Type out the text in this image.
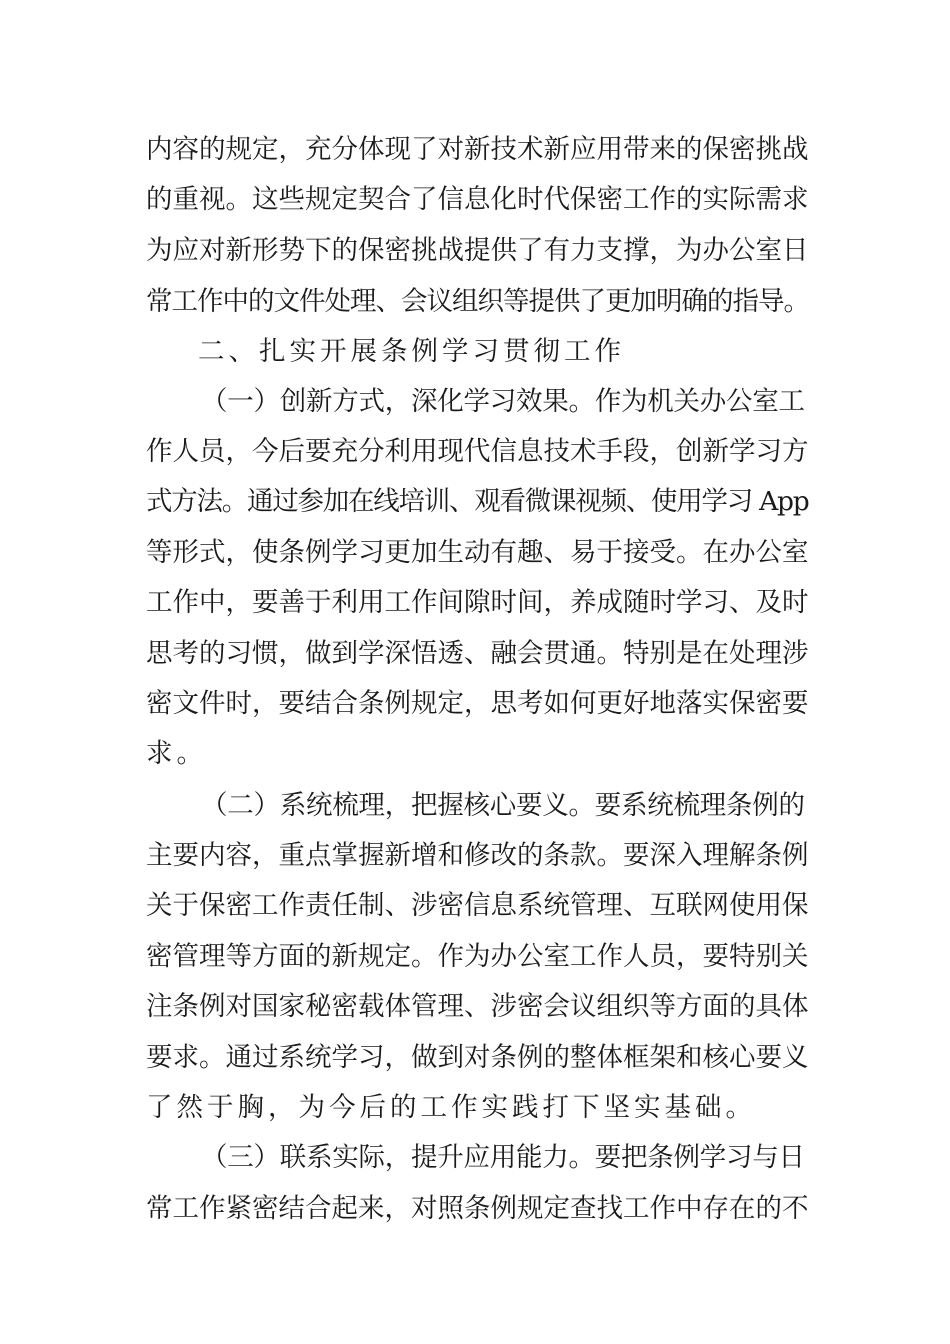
内容的规定，充分体现了对新技术新应用带来的保密挑战
的重视。这些规定契合了信息化时代保密工作的实际需求
为应对新形势下的保密挑战提供了有力支撑，为办公室日
常工作中的文件处理、会议组织等提供了更加明确的指导。
二、扎实开展条例学习贯彻工作
（一）创新方式，深化学习效果。作为机关办公室工
作人员，今后要充分利用现代信息技术手段，创新学习方
式方法。通过参加在线培训、观看微课视频、使用学习 App
等形式，使条例学习更加生动有趣、易于接受。在办公室
工作中，要善于利用工作间隙时间，养成随时学习、及时
思考的习惯，做到学深悟透、融会贯通。特别是在处理涉
密文件时，要结合条例规定，思考如何更好地落实保密要
求。
（二）系统梳理，把握核心要义。要系统梳理条例的
主要内容，重点掌握新增和修改的条款。要深入理解条例
关于保密工作责任制、涉密信息系统管理、互联网使用保
密管理等方面的新规定。作为办公室工作人员，要特别关
注条例对国家秘密载体管理、涉密会议组织等方面的具体
要求。通过系统学习，做到对条例的整体框架和核心要义
了然于胸，为今后的工作实践打下坚实基础。
（三）联系实际，提升应用能力。要把条例学习与日
常工作紧密结合起来，对照条例规定查找工作中存在的不
